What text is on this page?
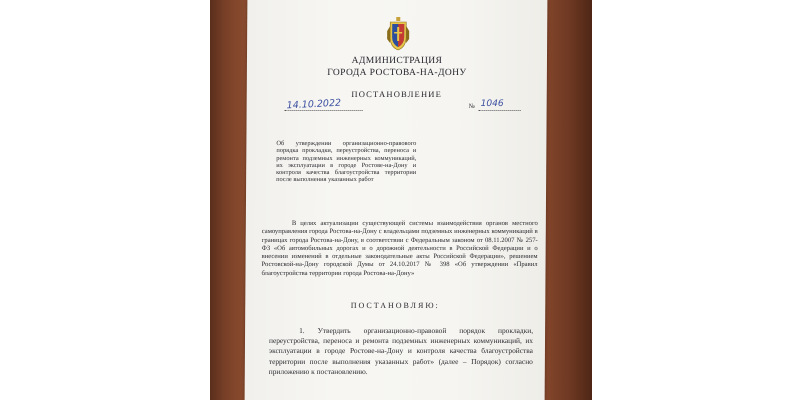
АДМИНИСТРАЦИЯ
ГОРОДА РОСТОВА-НА-ДОНУ
ПОСТАНОВЛЕНИЕ
14.10.2022	№ 1046
Об утверждении организационно-правового порядка прокладки, переустройства, переноса и ремонта подземных инженерных коммуникаций, их эксплуатации в городе Ростове-на-Дону и контроля качества благоустройства территории после выполнения указанных работ
В целях актуализации существующей системы взаимодействия органов местного самоуправления города Ростова-на-Дону с владельцами подземных инженерных коммуникаций в границах города Ростова-на-Дону, в соответствии с Федеральным законом от 08.11.2007 № 257-ФЗ «Об автомобильных дорогах и о дорожной деятельности в Российской Федерации и о внесении изменений в отдельные законодательные акты Российской Федерации», решением Ростовской-на-Дону городской Думы от 24.10.2017 № 398 «Об утверждении «Правил благоустройства территории города Ростова-на-Дону»
ПОСТАНОВЛЯЮ:
1. Утвердить организационно-правовой порядок прокладки, переустройства, переноса и ремонта подземных инженерных коммуникаций, их эксплуатации в городе Ростове-на-Дону и контроля качества благоустройства территории после выполнения указанных работ» (далее – Порядок) согласно приложению к постановлению.
